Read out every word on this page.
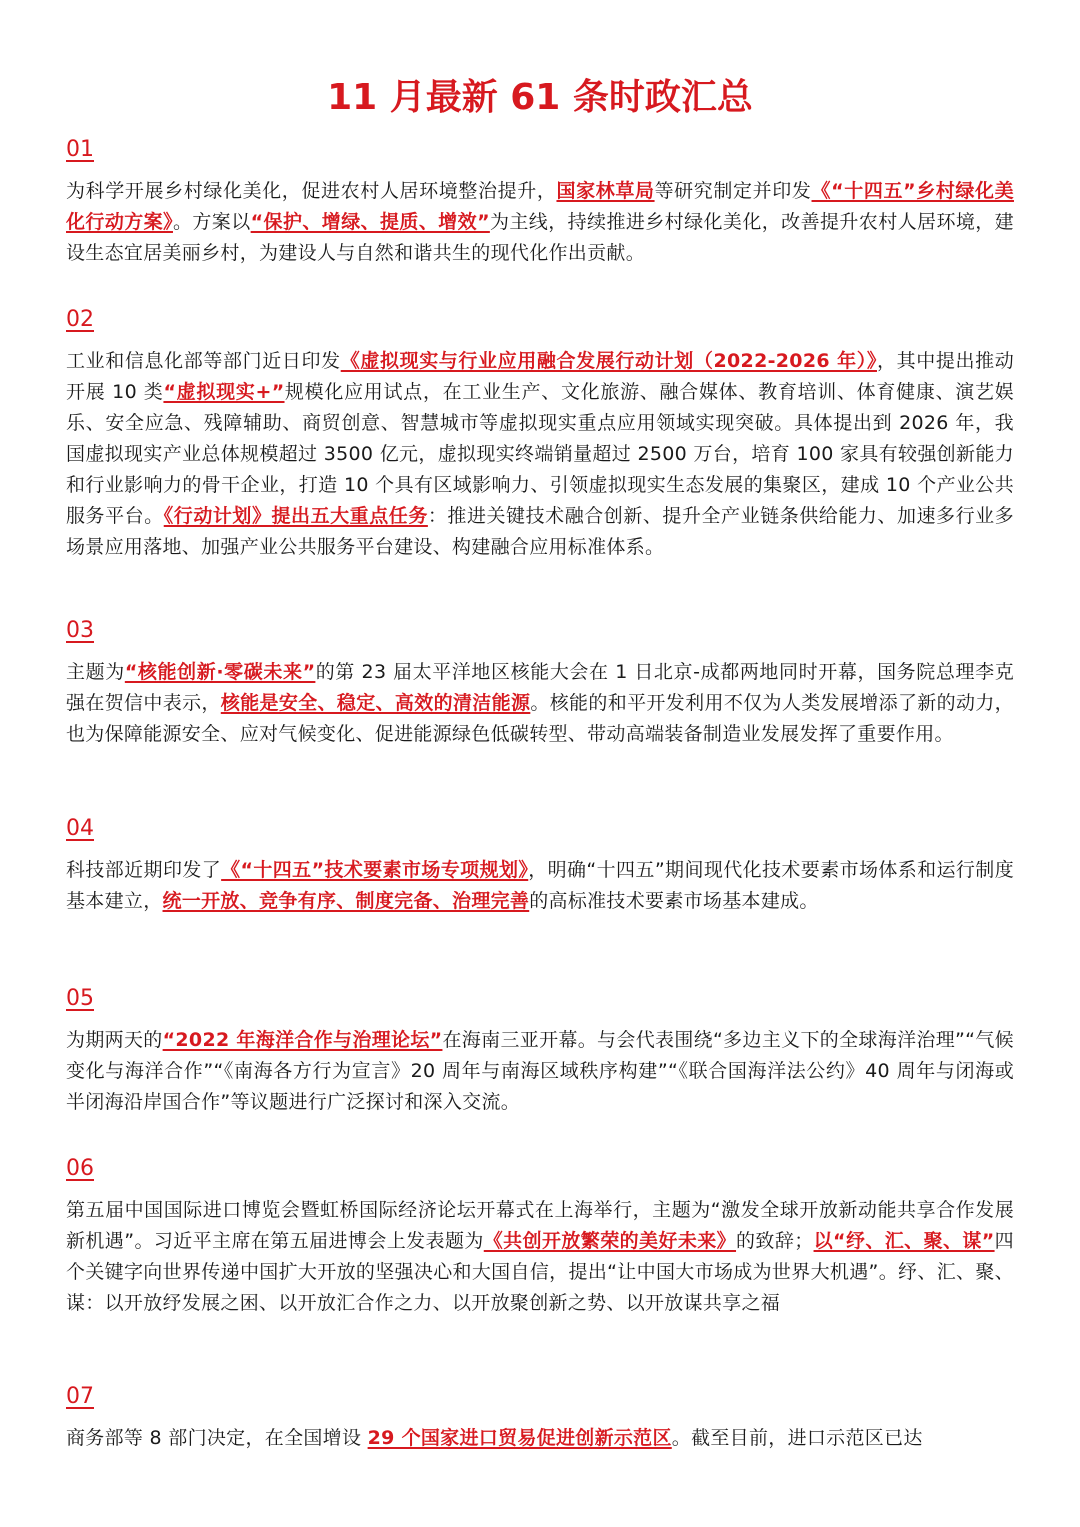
11 月最新 61 条时政汇总
01

为科学开展乡村绿化美化，促进农村人居环境整治提升，国家林草局等研究制定并印发《“十四五”乡村绿化美化行动方案》。方案以“保护、增绿、提质、增效”为主线，持续推进乡村绿化美化，改善提升农村人居环境，建设生态宜居美丽乡村，为建设人与自然和谐共生的现代化作出贡献。

02

工业和信息化部等部门近日印发《虚拟现实与行业应用融合发展行动计划（2022-2026 年）》，其中提出推动开展 10 类“虚拟现实+”规模化应用试点，在工业生产、文化旅游、融合媒体、教育培训、体育健康、演艺娱乐、安全应急、残障辅助、商贸创意、智慧城市等虚拟现实重点应用领域实现突破。具体提出到 2026 年，我国虚拟现实产业总体规模超过 3500 亿元，虚拟现实终端销量超过 2500 万台，培育 100 家具有较强创新能力和行业影响力的骨干企业，打造 10 个具有区域影响力、引领虚拟现实生态发展的集聚区，建成 10 个产业公共服务平台。《行动计划》提出五大重点任务：推进关键技术融合创新、提升全产业链条供给能力、加速多行业多场景应用落地、加强产业公共服务平台建设、构建融合应用标准体系。

03

主题为“核能创新·零碳未来”的第 23 届太平洋地区核能大会在 1 日北京-成都两地同时开幕，国务院总理李克强在贺信中表示，核能是安全、稳定、高效的清洁能源。核能的和平开发利用不仅为人类发展增添了新的动力，也为保障能源安全、应对气候变化、促进能源绿色低碳转型、带动高端装备制造业发展发挥了重要作用。

04

科技部近期印发了《“十四五”技术要素市场专项规划》，明确“十四五”期间现代化技术要素市场体系和运行制度基本建立，统一开放、竞争有序、制度完备、治理完善的高标准技术要素市场基本建成。

05

为期两天的“2022 年海洋合作与治理论坛”在海南三亚开幕。与会代表围绕“多边主义下的全球海洋治理”“气候变化与海洋合作”“《南海各方行为宣言》20 周年与南海区域秩序构建”“《联合国海洋法公约》40 周年与闭海或半闭海沿岸国合作”等议题进行广泛探讨和深入交流。

06

第五届中国国际进口博览会暨虹桥国际经济论坛开幕式在上海举行，主题为“激发全球开放新动能共享合作发展新机遇”。习近平主席在第五届进博会上发表题为《共创开放繁荣的美好未来》的致辞；以“纾、汇、聚、谋”四个关键字向世界传递中国扩大开放的坚强决心和大国自信，提出“让中国大市场成为世界大机遇”。纾、汇、聚、谋：以开放纾发展之困、以开放汇合作之力、以开放聚创新之势、以开放谋共享之福

07

商务部等 8 部门决定，在全国增设 29 个国家进口贸易促进创新示范区。截至目前，进口示范区已达
